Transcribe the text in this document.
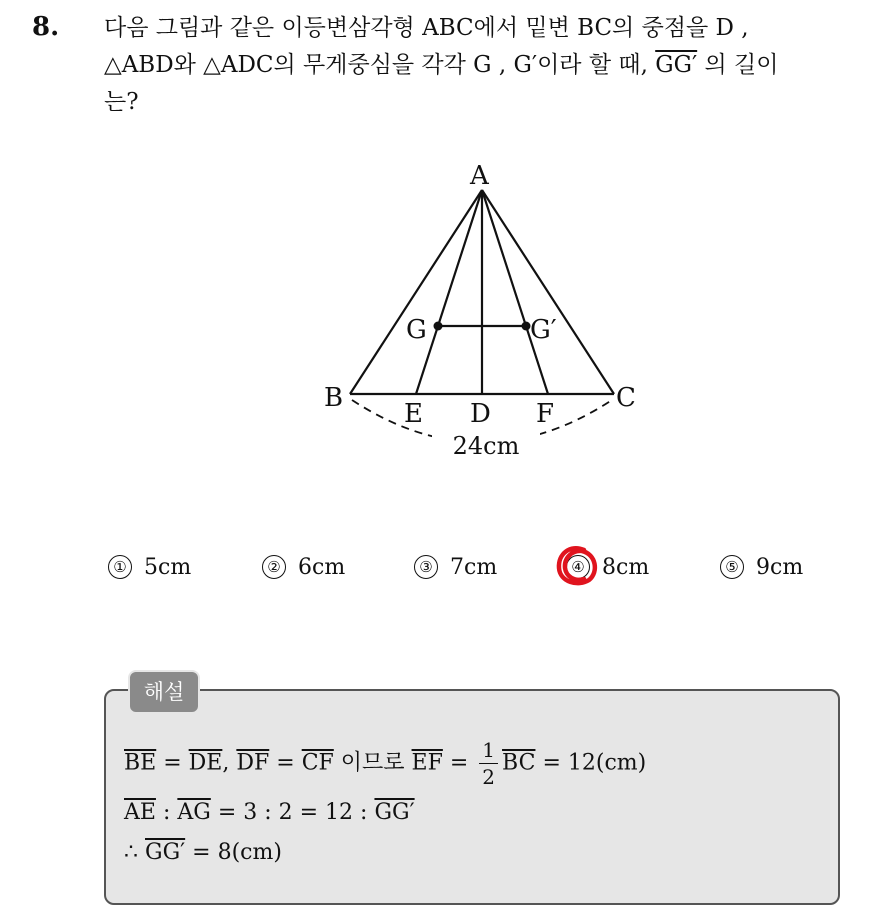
8. 다음 그림과 같은 이등변삼각형 ABC에서 밑변 BC의 중점을 D ,
△ABD와 △ADC의 무게중심을 각각 G , G′이라 할 때, GG′ 의 길이
는?
A
B	C
D
E	F
G	G′
24cm
① 5cm	② 6cm	③ 7cm	④ 8cm	⑤ 9cm
해설
$\overline{BE} = \overline{DE}$, $\overline{DF} = \overline{CF}$ 이므로 $\overline{EF} = \frac{1}{2} \overline{BC} = 12(cm)$
$\overline{AE}$ : $\overline{AG} = 3$ : 2 = 12 : GG′
∴ GG′ = 8(cm)
